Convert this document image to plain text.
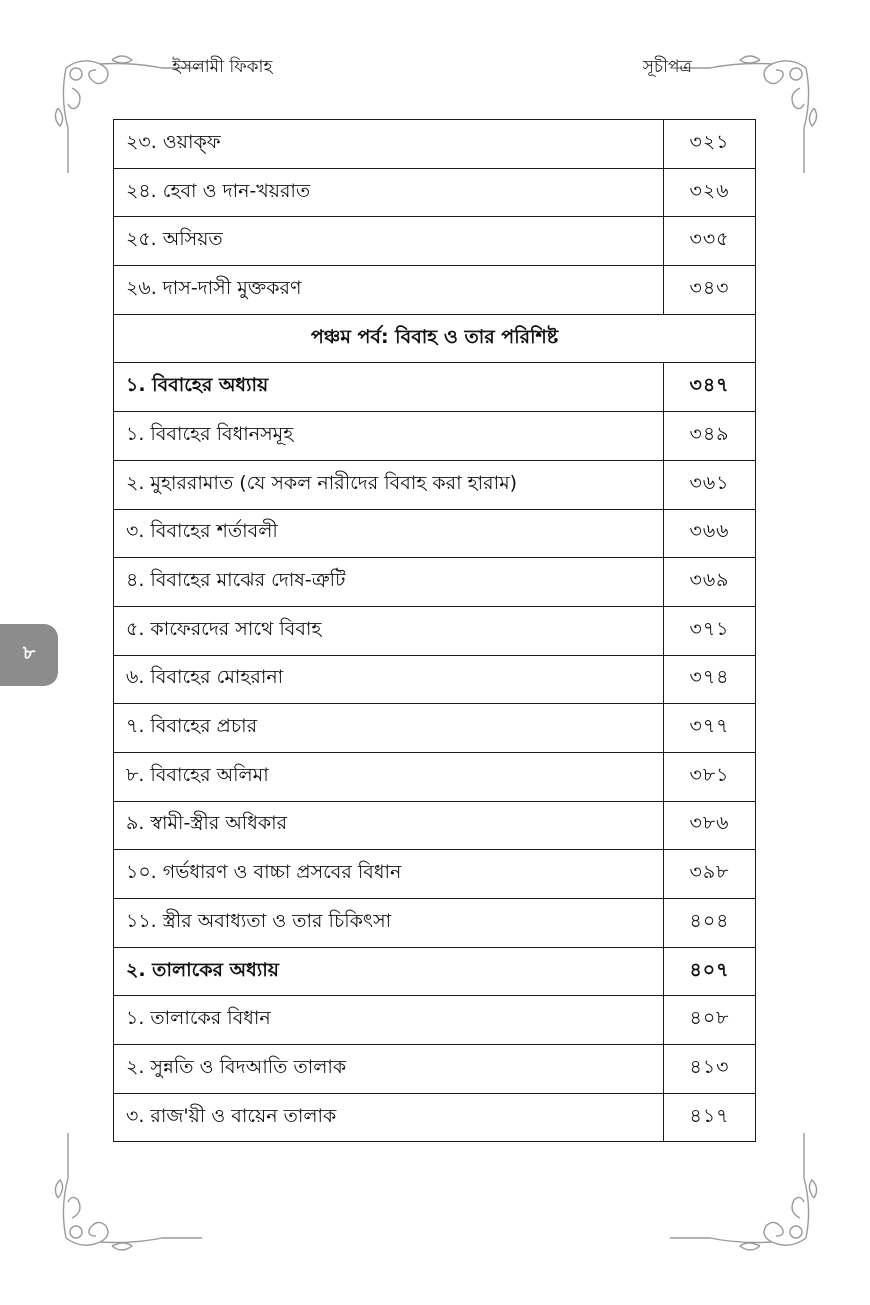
ইসলামী ফিকাহ	সূচীপত্র
৮
২৩. ওয়াক্ফ	৩২১
২৪. হেবা ও দান-খয়রাত	৩২৬
২৫. অসিয়ত	৩৩৫
২৬. দাস-দাসী মুক্তকরণ	৩৪৩
পঞ্চম পর্ব: বিবাহ ও তার পরিশিষ্ট	
১. বিবাহের অধ্যায়	৩৪৭
১. বিবাহের বিধানসমূহ	৩৪৯
২. মুহাররামাত (যে সকল নারীদের বিবাহ করা হারাম)	৩৬১
৩. বিবাহের শর্তাবলী	৩৬৬
৪. বিবাহের মাঝের দোষ-ত্রুটি	৩৬৯
৫. কাফেরদের সাথে বিবাহ	৩৭১
৬. বিবাহের মোহরানা	৩৭৪
৭. বিবাহের প্রচার	৩৭৭
৮. বিবাহের অলিমা	৩৮১
৯. স্বামী-স্ত্রীর অধিকার	৩৮৬
১০. গর্ভধারণ ও বাচ্চা প্রসবের বিধান	৩৯৮
১১. স্ত্রীর অবাধ্যতা ও তার চিকিৎসা	৪০৪
২. তালাকের অধ্যায়	৪০৭
১. তালাকের বিধান	৪০৮
২. সুন্নতি ও বিদআতি তালাক	৪১৩
৩. রাজ'য়ী ও বায়েন তালাক	৪১৭
